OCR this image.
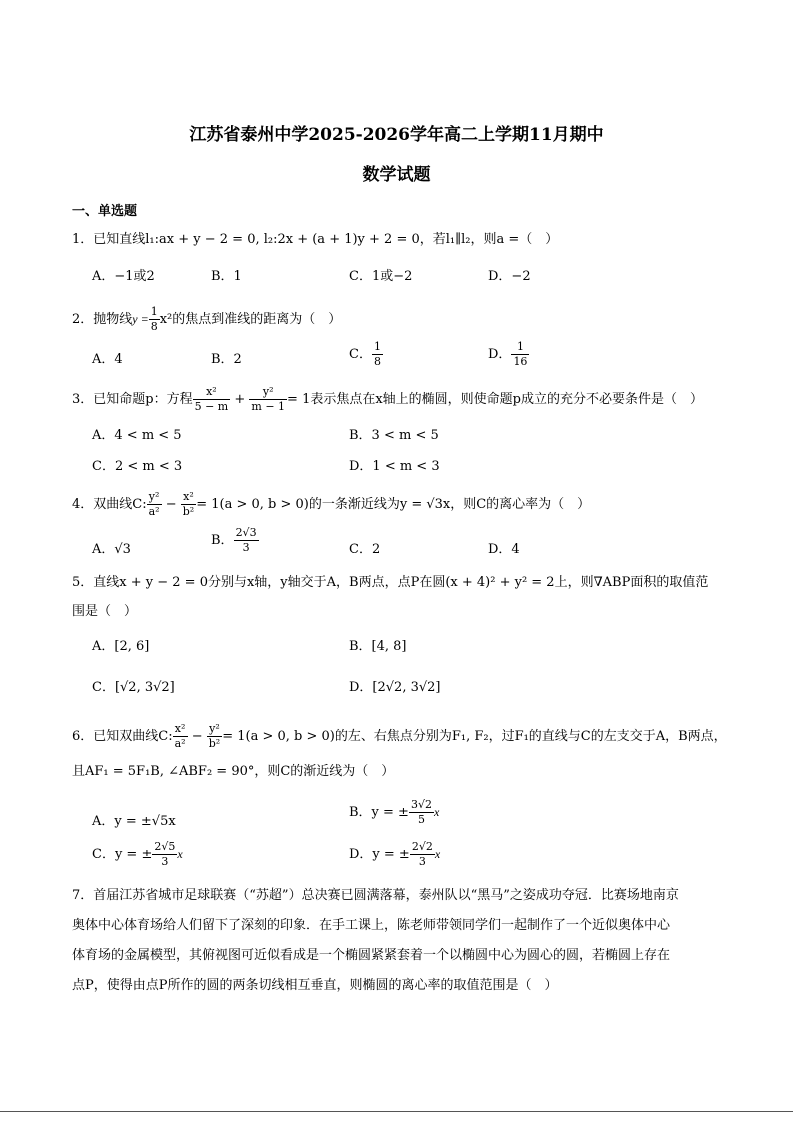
江苏省泰州中学2025-2026学年高二上学期11月期中
数学试题
一、单选题
1．已知直线l₁:ax + y − 2 = 0, l₂:2x + (a + 1)y + 2 = 0，若l₁∥l₂，则a =（　）
A．−1或2	B．1	C．1或−2	D．−2
2．抛物线$y = \frac{1}{8} x^2$的焦点到准线的距离为（　）
A．4	B．2	C． $\frac{1}{8}$	D． $\frac{1}{16}$
3．已知命题p：方程 $\frac{\text{x²}}{5 - m} + \frac{\text{y²}}{m - 1} = 1$表示焦点在x轴上的椭圆，则使命题p成立的充分不必要条件是（　）
A．4 < m < 5	B．3 < m < 5
C．2 < m < 3	D．1 < m < 3
4．双曲线C: $\frac{\text{y²}}{\text{a²}} - \frac{\text{x²}}{\text{b²}} = 1(a > 0$, b > 0)的一条渐近线为y = √3x，则C的离心率为（　）
A．√3
B． $\frac{2√3}{3}$	C．2	D．4
5．直线x + y − 2 = 0分别与x轴，y轴交于A，B两点，点P在圆(x + 4)² + y² = 2上，则∇ABP面积的取值范
围是（　）
A．[2, 6]	B．[4, 8]
C．[√2, 3√2]	D．[2√2, 3√2]
6．已知双曲线C: $\frac{\text{x²}}{\text{a²}} - \frac{\text{y²}}{\text{b²}} = 1(a > 0$, b > 0)的左、右焦点分别为F₁, F₂，过F₁的直线与C的左支交于A，B两点，
且AF₁ = 5F₁B, ∠ABF₂ = 90°，则C的渐近线为（　）
A．y = ±√5x
B．y = ± $\frac{3√2}{5}$ x
C．y = ± $\frac{2√5}{3}$ x	D．y = ± $\frac{2√2}{3}$ x
7．首届江苏省城市足球联赛（“苏超”）总决赛已圆满落幕，泰州队以“黑马”之姿成功夺冠．比赛场地南京
奥体中心体育场给人们留下了深刻的印象．在手工课上，陈老师带领同学们一起制作了一个近似奥体中心
体育场的金属模型，其俯视图可近似看成是一个椭圆紧紧套着一个以椭圆中心为圆心的圆，若椭圆上存在
点P，使得由点P所作的圆的两条切线相互垂直，则椭圆的离心率的取值范围是（　）
